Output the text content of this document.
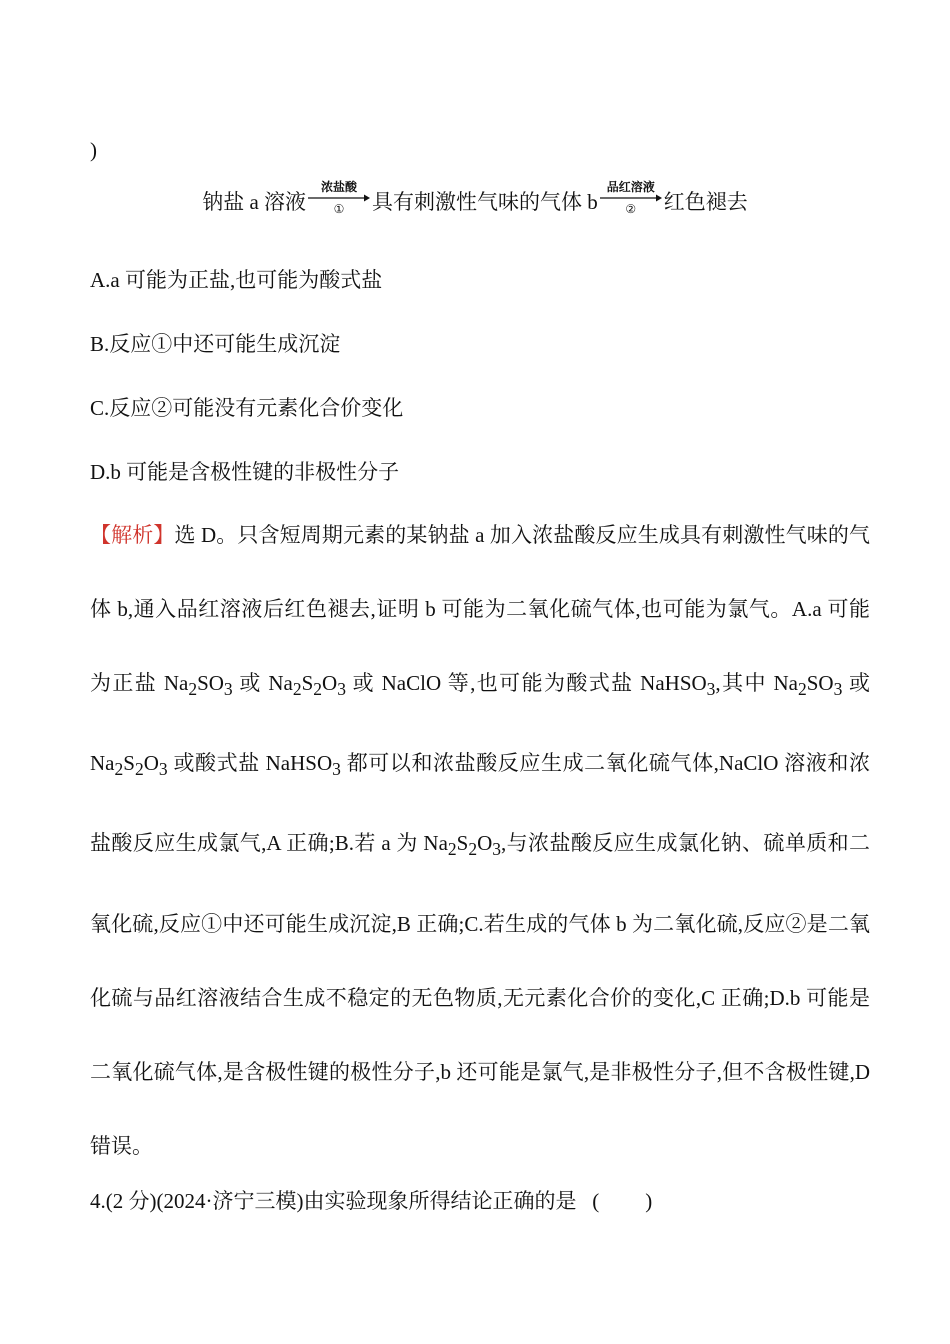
)
钠盐 a 溶液
浓盐酸
① 具有刺激性气味的气体 b
品红溶液
② 红色褪去
A.a 可能为正盐,也可能为酸式盐
B.反应①中还可能生成沉淀
C.反应②可能没有元素化合价变化
D.b 可能是含极性键的非极性分子
【解析】选 D。只含短周期元素的某钠盐 a 加入浓盐酸反应生成具有刺激性气味的气体 b,通入品红溶液后红色褪去,证明 b 可能为二氧化硫气体,也可能为氯气。A.a 可能为正盐 $Na_2SO_3$ 或 $Na_2S_2O_3$ 或 NaClO 等,也可能为酸式盐 NaHSO$_3$,其中 $Na_2SO_3$ 或 $Na_2S_2O_3$ 或酸式盐 NaHSO$_3$ 都可以和浓盐酸反应生成二氧化硫气体,NaClO 溶液和浓盐酸反应生成氯气,A 正确;B.若 a 为 $Na_2S_2O_3$,与浓盐酸反应生成氯化钠、硫单质和二氧化硫,反应①中还可能生成沉淀,B 正确;C.若生成的气体 b 为二氧化硫,反应②是二氧化硫与品红溶液结合生成不稳定的无色物质,无元素化合价的变化,C 正确;D.b 可能是二氧化硫气体,是含极性键的极性分子,b 还可能是氯气,是非极性分子,但不含极性键,D 错误。
4.(2 分)(2024·济宁三模)由实验现象所得结论正确的是 ( )
